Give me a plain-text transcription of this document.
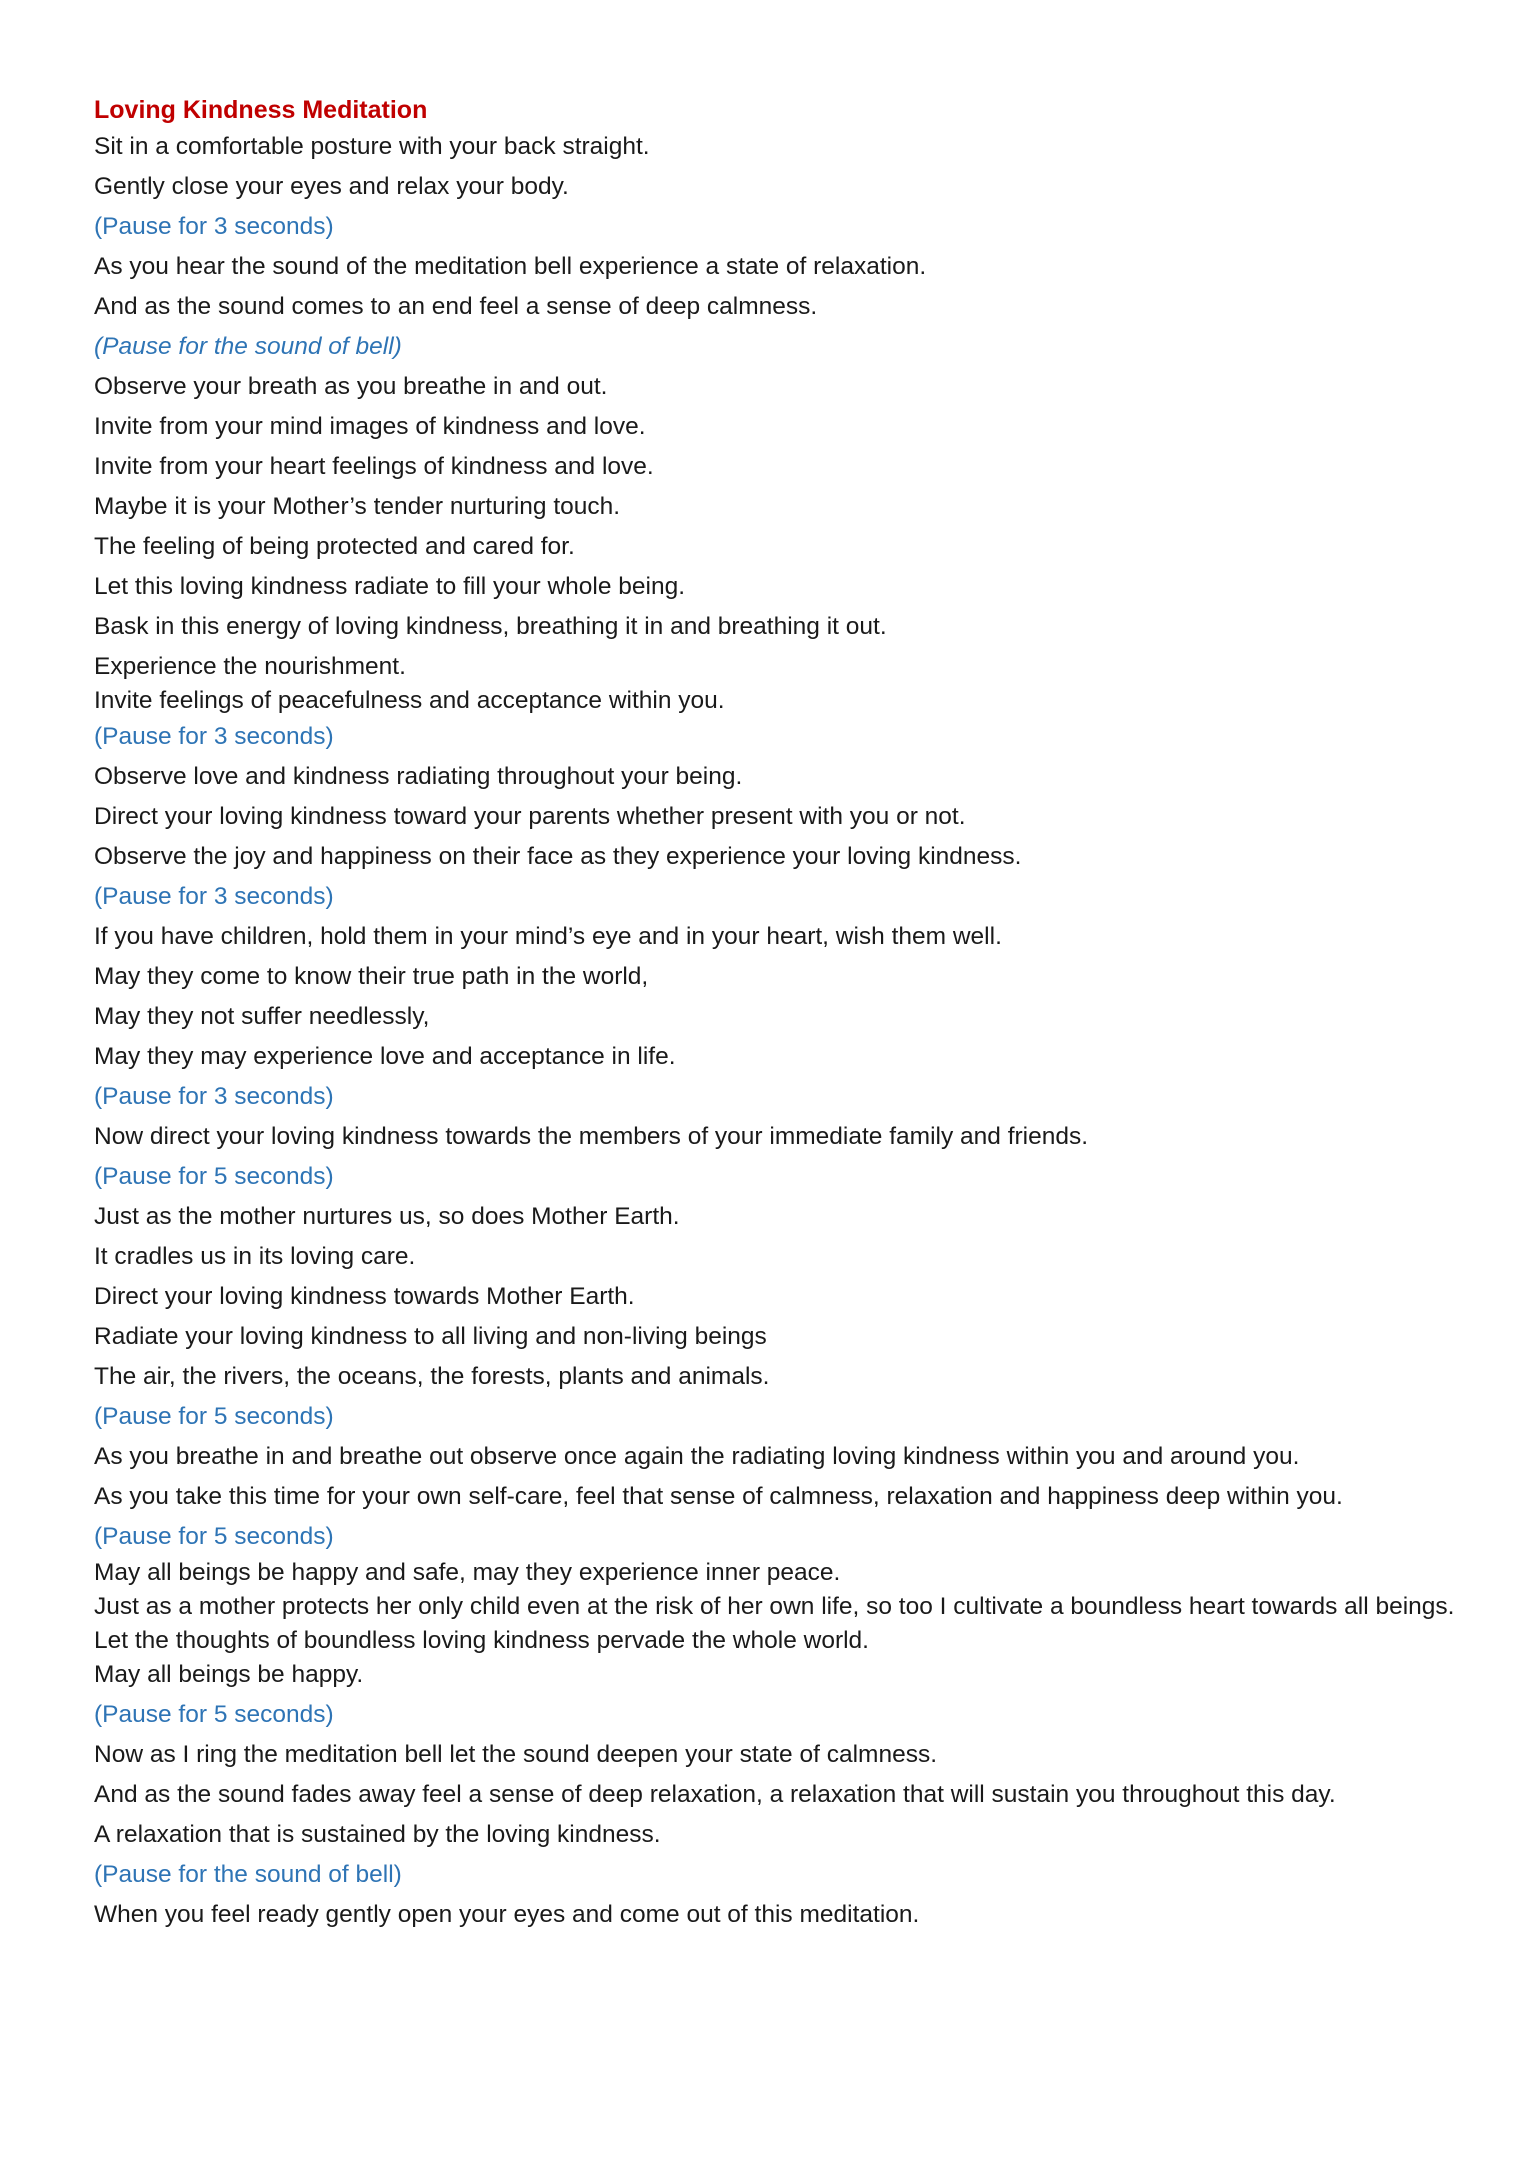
Loving Kindness Meditation
Sit in a comfortable posture with your back straight.
Gently close your eyes and relax your body.
(Pause for 3 seconds)
As you hear the sound of the meditation bell experience a state of relaxation.
And as the sound comes to an end feel a sense of deep calmness.
(Pause for the sound of bell)
Observe your breath as you breathe in and out.
Invite from your mind images of kindness and love.
Invite from your heart feelings of kindness and love.
Maybe it is your Mother’s tender nurturing touch.
The feeling of being protected and cared for.
Let this loving kindness radiate to fill your whole being.
Bask in this energy of loving kindness, breathing it in and breathing it out.
Experience the nourishment.
Invite feelings of peacefulness and acceptance within you.
(Pause for 3 seconds)
Observe love and kindness radiating throughout your being.
Direct your loving kindness toward your parents whether present with you or not.
Observe the joy and happiness on their face as they experience your loving kindness.
(Pause for 3 seconds)
If you have children, hold them in your mind’s eye and in your heart, wish them well.
May they come to know their true path in the world,
May they not suffer needlessly,
May they may experience love and acceptance in life.
(Pause for 3 seconds)
Now direct your loving kindness towards the members of your immediate family and friends.
(Pause for 5 seconds)
Just as the mother nurtures us, so does Mother Earth.
It cradles us in its loving care.
Direct your loving kindness towards Mother Earth.
Radiate your loving kindness to all living and non-living beings
The air, the rivers, the oceans, the forests, plants and animals.
(Pause for 5 seconds)
As you breathe in and breathe out observe once again the radiating loving kindness within you and around you.
As you take this time for your own self-care, feel that sense of calmness, relaxation and happiness deep within you.
(Pause for 5 seconds)
May all beings be happy and safe, may they experience inner peace.
Just as a mother protects her only child even at the risk of her own life, so too I cultivate a boundless heart towards all beings.
Let the thoughts of boundless loving kindness pervade the whole world.
May all beings be happy.
(Pause for 5 seconds)
Now as I ring the meditation bell let the sound deepen your state of calmness.
And as the sound fades away feel a sense of deep relaxation, a relaxation that will sustain you throughout this day.
A relaxation that is sustained by the loving kindness.
(Pause for the sound of bell)
When you feel ready gently open your eyes and come out of this meditation.
